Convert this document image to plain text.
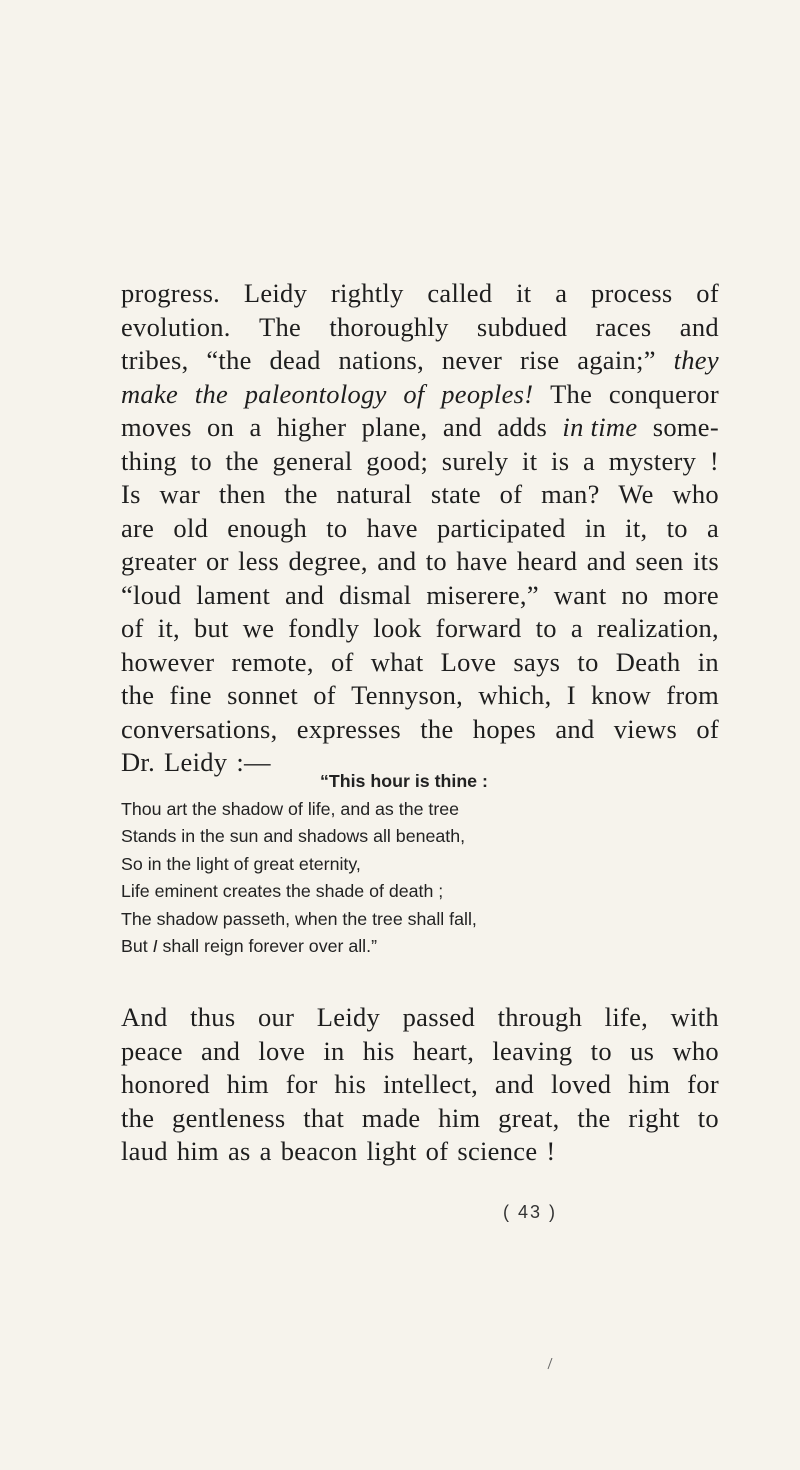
progress. Leidy rightly called it a process of
evolution. The thoroughly subdued races and
tribes, “the dead nations, never rise again;” they
make the paleontology of peoples! The conqueror
moves on a higher plane, and adds in time some-
thing to the general good; surely it is a mystery !
Is war then the natural state of man? We who
are old enough to have participated in it, to a
greater or less degree, and to have heard and seen its
“loud lament and dismal miserere,” want no more
of it, but we fondly look forward to a realization,
however remote, of what Love says to Death in
the fine sonnet of Tennyson, which, I know from
conversations, expresses the hopes and views of
Dr. Leidy :—
“This hour is thine :
Thou art the shadow of life, and as the tree
Stands in the sun and shadows all beneath,
So in the light of great eternity,
Life eminent creates the shade of death ;
The shadow passeth, when the tree shall fall,
But I shall reign forever over all.”
And thus our Leidy passed through life, with
peace and love in his heart, leaving to us who
honored him for his intellect, and loved him for
the gentleness that made him great, the right to
laud him as a beacon light of science !
( 43 )
